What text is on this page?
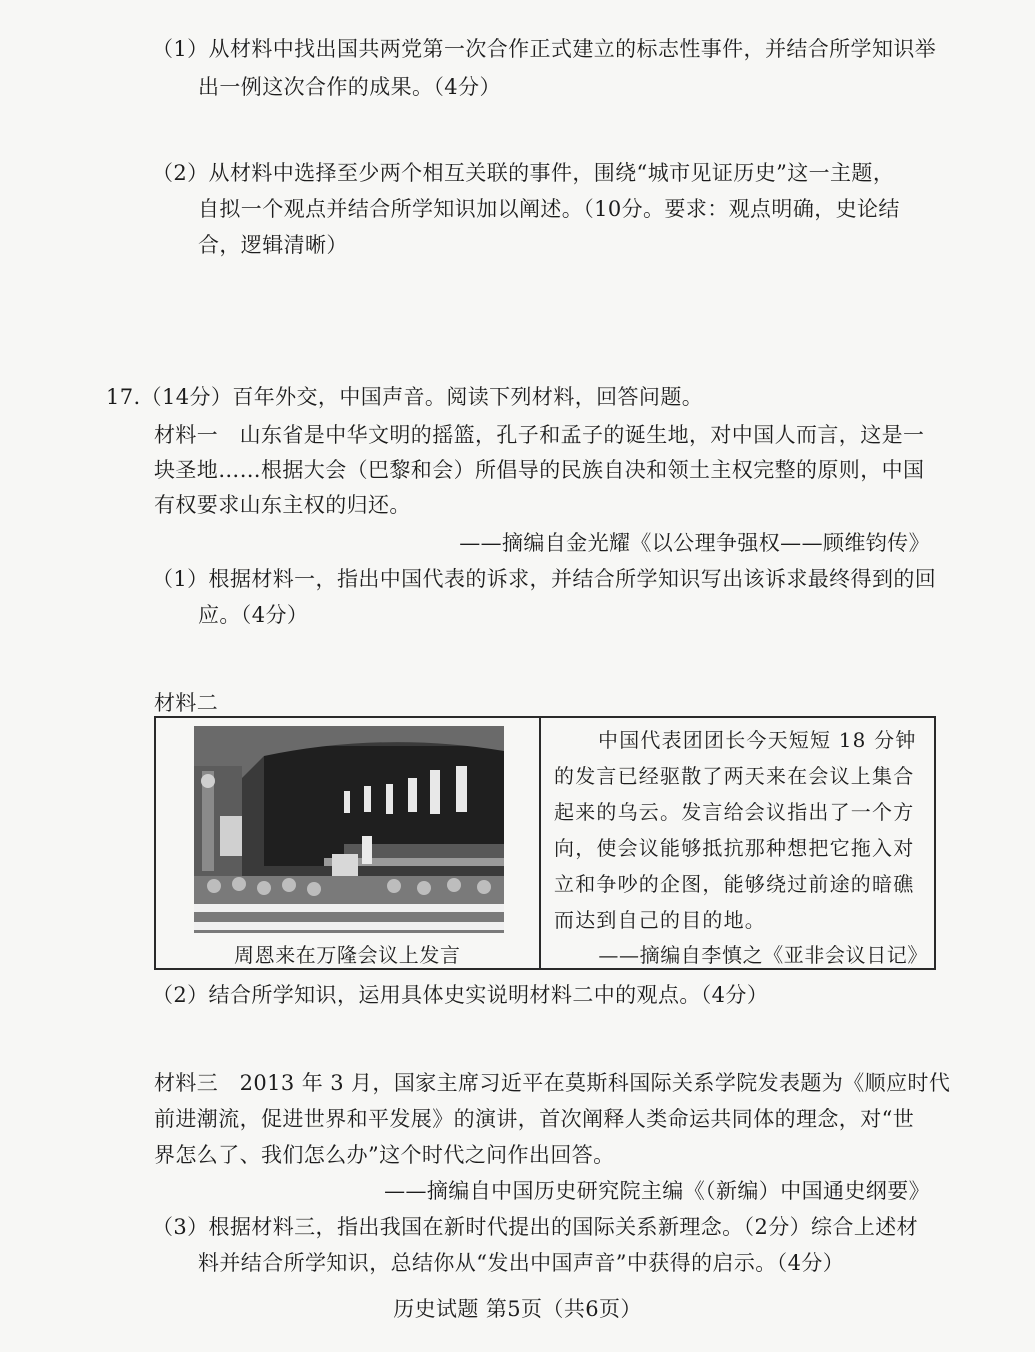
（1）从材料中找出国共两党第一次合作正式建立的标志性事件，并结合所学知识举
出一例这次合作的成果。（4分）
（2）从材料中选择至少两个相互关联的事件，围绕“城市见证历史”这一主题，
自拟一个观点并结合所学知识加以阐述。（10分。要求：观点明确，史论结
合，逻辑清晰）
17.（14分）百年外交，中国声音。阅读下列材料，回答问题。
材料一　山东省是中华文明的摇篮，孔子和孟子的诞生地，对中国人而言，这是一
块圣地……根据大会（巴黎和会）所倡导的民族自决和领土主权完整的原则，中国
有权要求山东主权的归还。
——摘编自金光耀《以公理争强权——顾维钧传》
（1）根据材料一，指出中国代表的诉求，并结合所学知识写出该诉求最终得到的回
应。（4分）
材料二
周恩来在万隆会议上发言
中国代表团团长今天短短 18 分钟
的发言已经驱散了两天来在会议上集合
起来的乌云。发言给会议指出了一个方
向，使会议能够抵抗那种想把它拖入对
立和争吵的企图，能够绕过前途的暗礁
而达到自己的目的地。
——摘编自李慎之《亚非会议日记》
（2）结合所学知识，运用具体史实说明材料二中的观点。（4分）
材料三　2013 年 3 月，国家主席习近平在莫斯科国际关系学院发表题为《顺应时代
前进潮流，促进世界和平发展》的演讲，首次阐释人类命运共同体的理念，对“世
界怎么了、我们怎么办”这个时代之问作出回答。
——摘编自中国历史研究院主编《（新编）中国通史纲要》
（3）根据材料三，指出我国在新时代提出的国际关系新理念。（2分）综合上述材
料并结合所学知识，总结你从“发出中国声音”中获得的启示。（4分）
历史试题 第5页（共6页）
